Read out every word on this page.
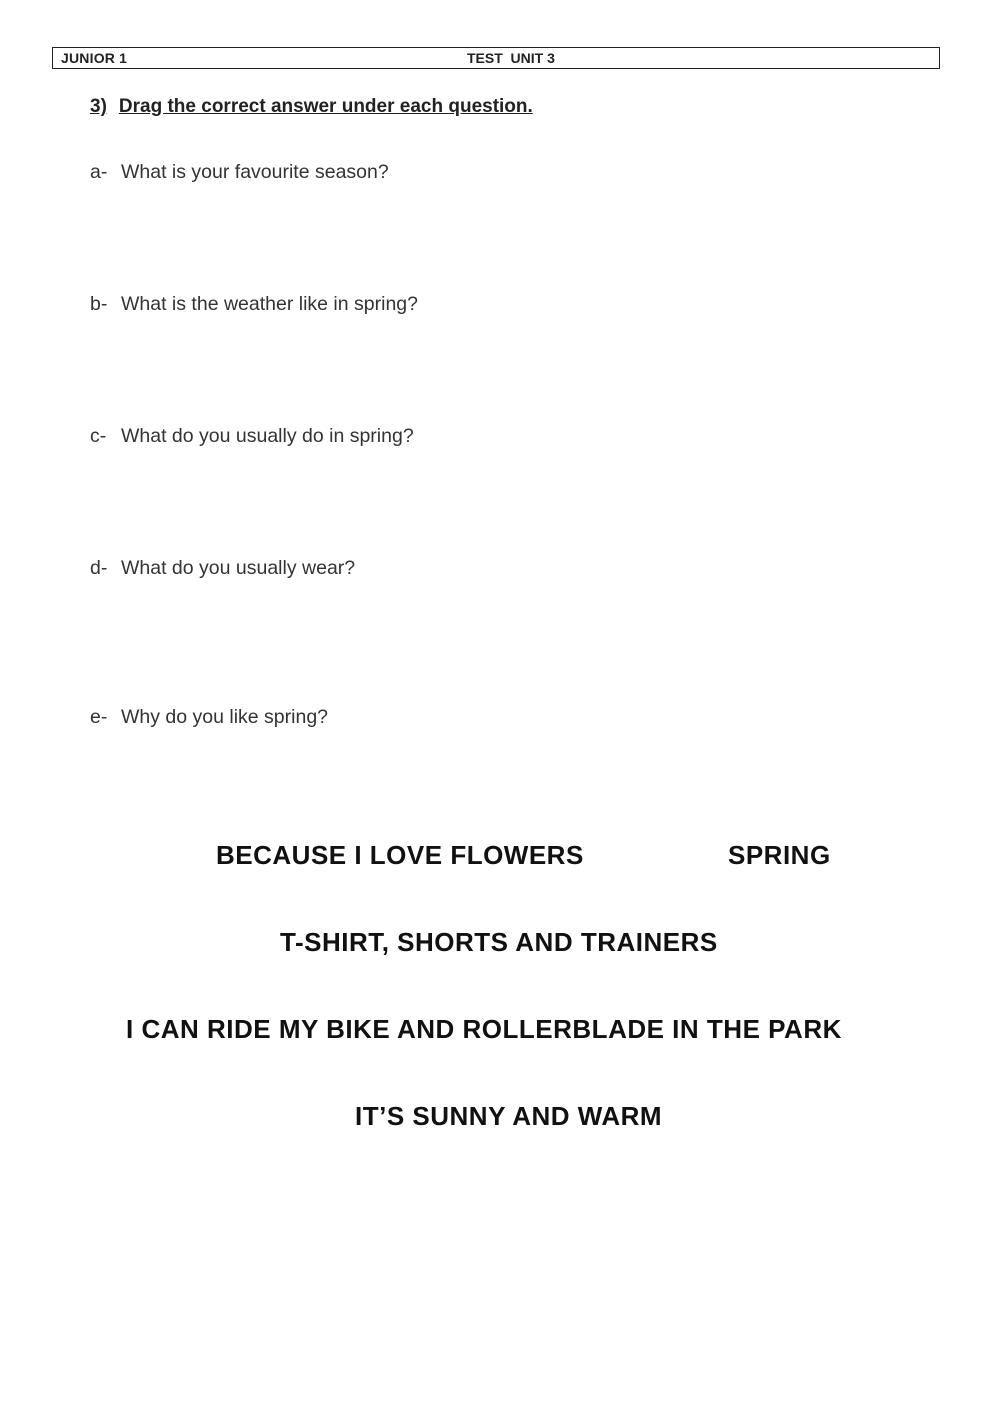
JUNIOR 1	TEST  UNIT 3
3) Drag the correct answer under each question.
a- What is your favourite season?
b- What is the weather like in spring?
c- What do you usually do in spring?
d- What do you usually wear?
e- Why do you like spring?
BECAUSE I LOVE FLOWERS	SPRING
T-SHIRT, SHORTS AND TRAINERS
I CAN RIDE MY BIKE AND ROLLERBLADE IN THE PARK
IT’S SUNNY AND WARM
